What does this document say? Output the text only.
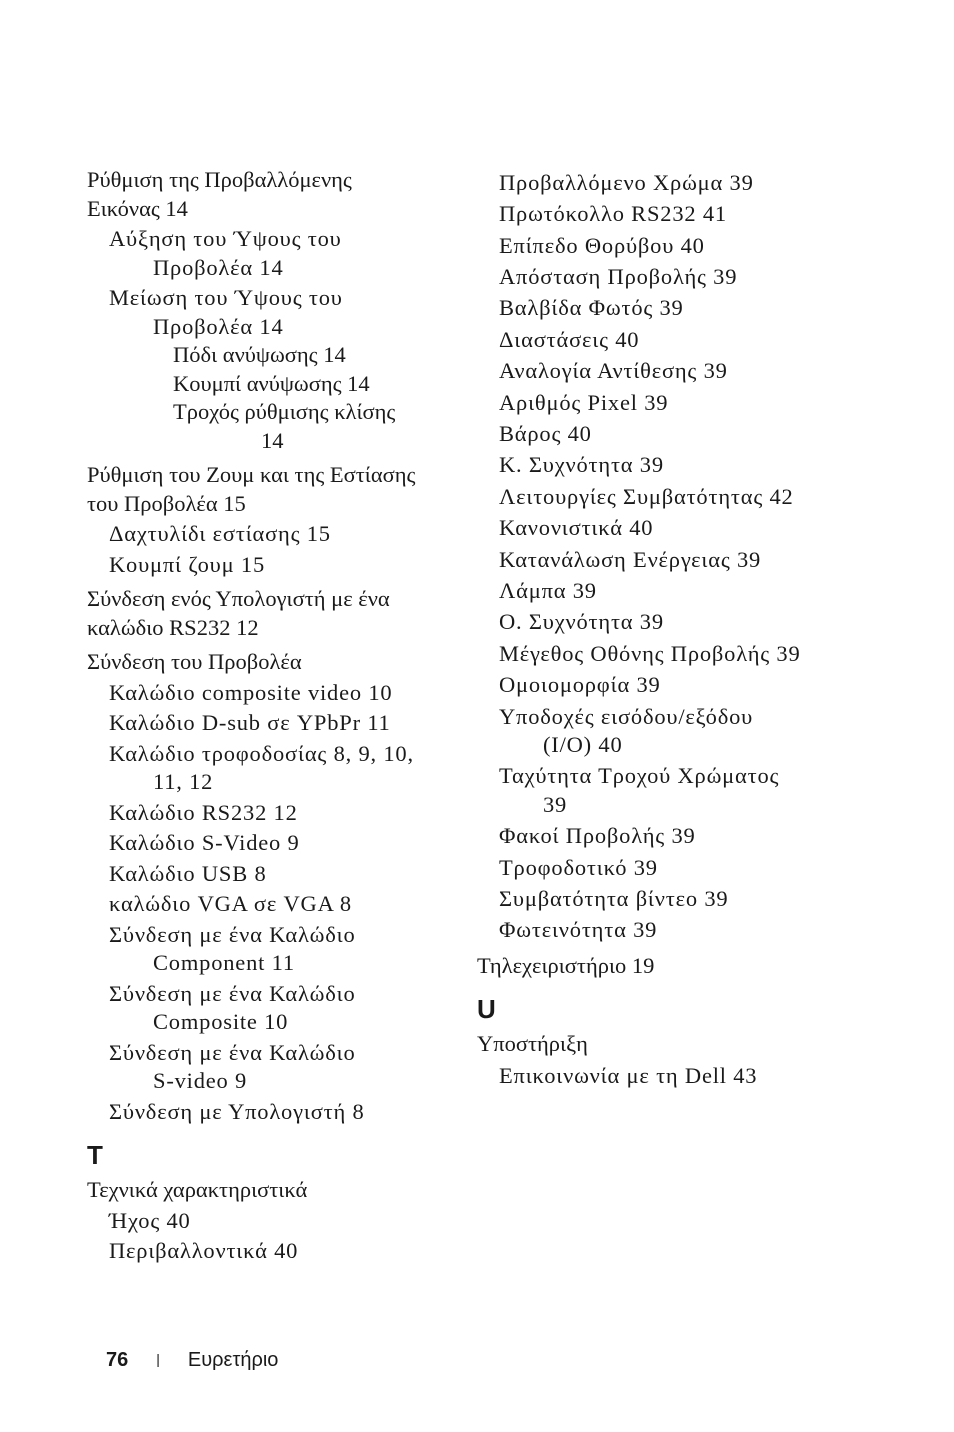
Ρύθμιση της Προβαλλόμενης
Εικόνας 14
Αύξηση του Ύψους του
Προβολέα 14
Μείωση του Ύψους του
Προβολέα 14
Πόδι ανύψωσης 14
Κουμπί ανύψωσης 14
Τροχός ρύθμισης κλίσης
14
Ρύθμιση του Ζουμ και της Εστίασης
του Προβολέα 15
Δαχτυλίδι εστίασης 15
Κουμπί ζουμ 15
Σύνδεση ενός Υπολογιστή με ένα
καλώδιο RS232 12
Σύνδεση του Προβολέα
Καλώδιο composite video 10
Καλώδιο D-sub σε YPbPr 11
Καλώδιο τροφοδοσίας 8, 9, 10,
11, 12
Καλώδιο RS232 12
Καλώδιο S-Video 9
Καλώδιο USB 8
καλώδιο VGA σε VGA 8
Σύνδεση με ένα Καλώδιο
Component 11
Σύνδεση με ένα Καλώδιο
Composite 10
Σύνδεση με ένα Καλώδιο
S-video 9
Σύνδεση με Υπολογιστή 8
T
Τεχνικά χαρακτηριστικά
Ήχος 40
Περιβαλλοντικά 40
Προβαλλόμενο Χρώμα 39
Πρωτόκολλο RS232 41
Επίπεδο Θορύβου 40
Απόσταση Προβολής 39
Βαλβίδα Φωτός 39
Διαστάσεις 40
Αναλογία Αντίθεσης 39
Αριθμός Pixel 39
Βάρος 40
Κ. Συχνότητα 39
Λειτουργίες Συμβατότητας 42
Κανονιστικά 40
Κατανάλωση Ενέργειας 39
Λάμπα 39
Ο. Συχνότητα 39
Μέγεθος Οθόνης Προβολής 39
Ομοιομορφία 39
Υποδοχές εισόδου/εξόδου
(I/O) 40
Ταχύτητα Τροχού Χρώματος
39
Φακοί Προβολής 39
Τροφοδοτικό 39
Συμβατότητα βίντεο 39
Φωτεινότητα 39
Τηλεχειριστήριο 19
U
Υποστήριξη
Επικοινωνία με τη Dell 43
76 | Ευρετήριο
